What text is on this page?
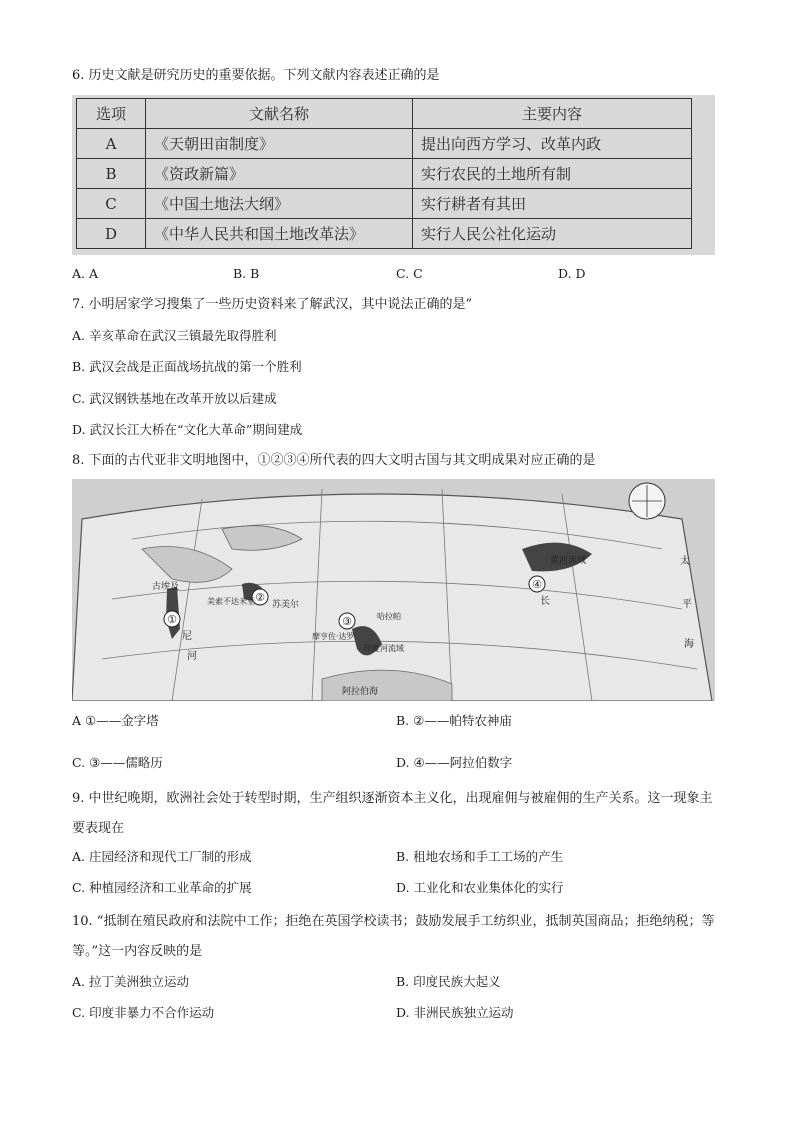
6. 历史文献是研究历史的重要依据。下列文献内容表述正确的是
选项	文献名称	主要内容
A	《天朝田亩制度》	提出向西方学习、改革内政
B	《资政新篇》	实行农民的土地所有制
C	《中国土地法大纲》	实行耕者有其田
D	《中华人民共和国土地改革法》	实行人民公社化运动
A. A	B. B	C. C	D. D
7. 小明居家学习搜集了一些历史资料来了解武汉，其中说法正确的是”
A. 辛亥革命在武汉三镇最先取得胜利
B. 武汉会战是正面战场抗战的第一个胜利
C. 武汉钢铁基地在改革开放以后建成
D. 武汉长江大桥在“文化大革命”期间建成
8. 下面的古代亚非文明地图中，①②③④所代表的四大文明古国与其文明成果对应正确的是
①
②
③
④
古埃及
尼
河
美索不达米亚 苏美尔
摩亨佐·达罗
哈拉帕
印度河流域
阿拉伯海
黄河流域
长
太
平
海
A ①——金字塔	B. ②——帕特农神庙
C. ③——儒略历	D. ④——阿拉伯数字
9. 中世纪晚期，欧洲社会处于转型时期，生产组织逐渐资本主义化，出现雇佣与被雇佣的生产关系。这一现象主要表现在
A. 庄园经济和现代工厂制的形成	B. 租地农场和手工工场的产生
C. 种植园经济和工业革命的扩展	D. 工业化和农业集体化的实行
10. “抵制在殖民政府和法院中工作；拒绝在英国学校读书；鼓励发展手工纺织业，抵制英国商品；拒绝纳税；等等。”这一内容反映的是
A. 拉丁美洲独立运动	B. 印度民族大起义
C. 印度非暴力不合作运动	D. 非洲民族独立运动
